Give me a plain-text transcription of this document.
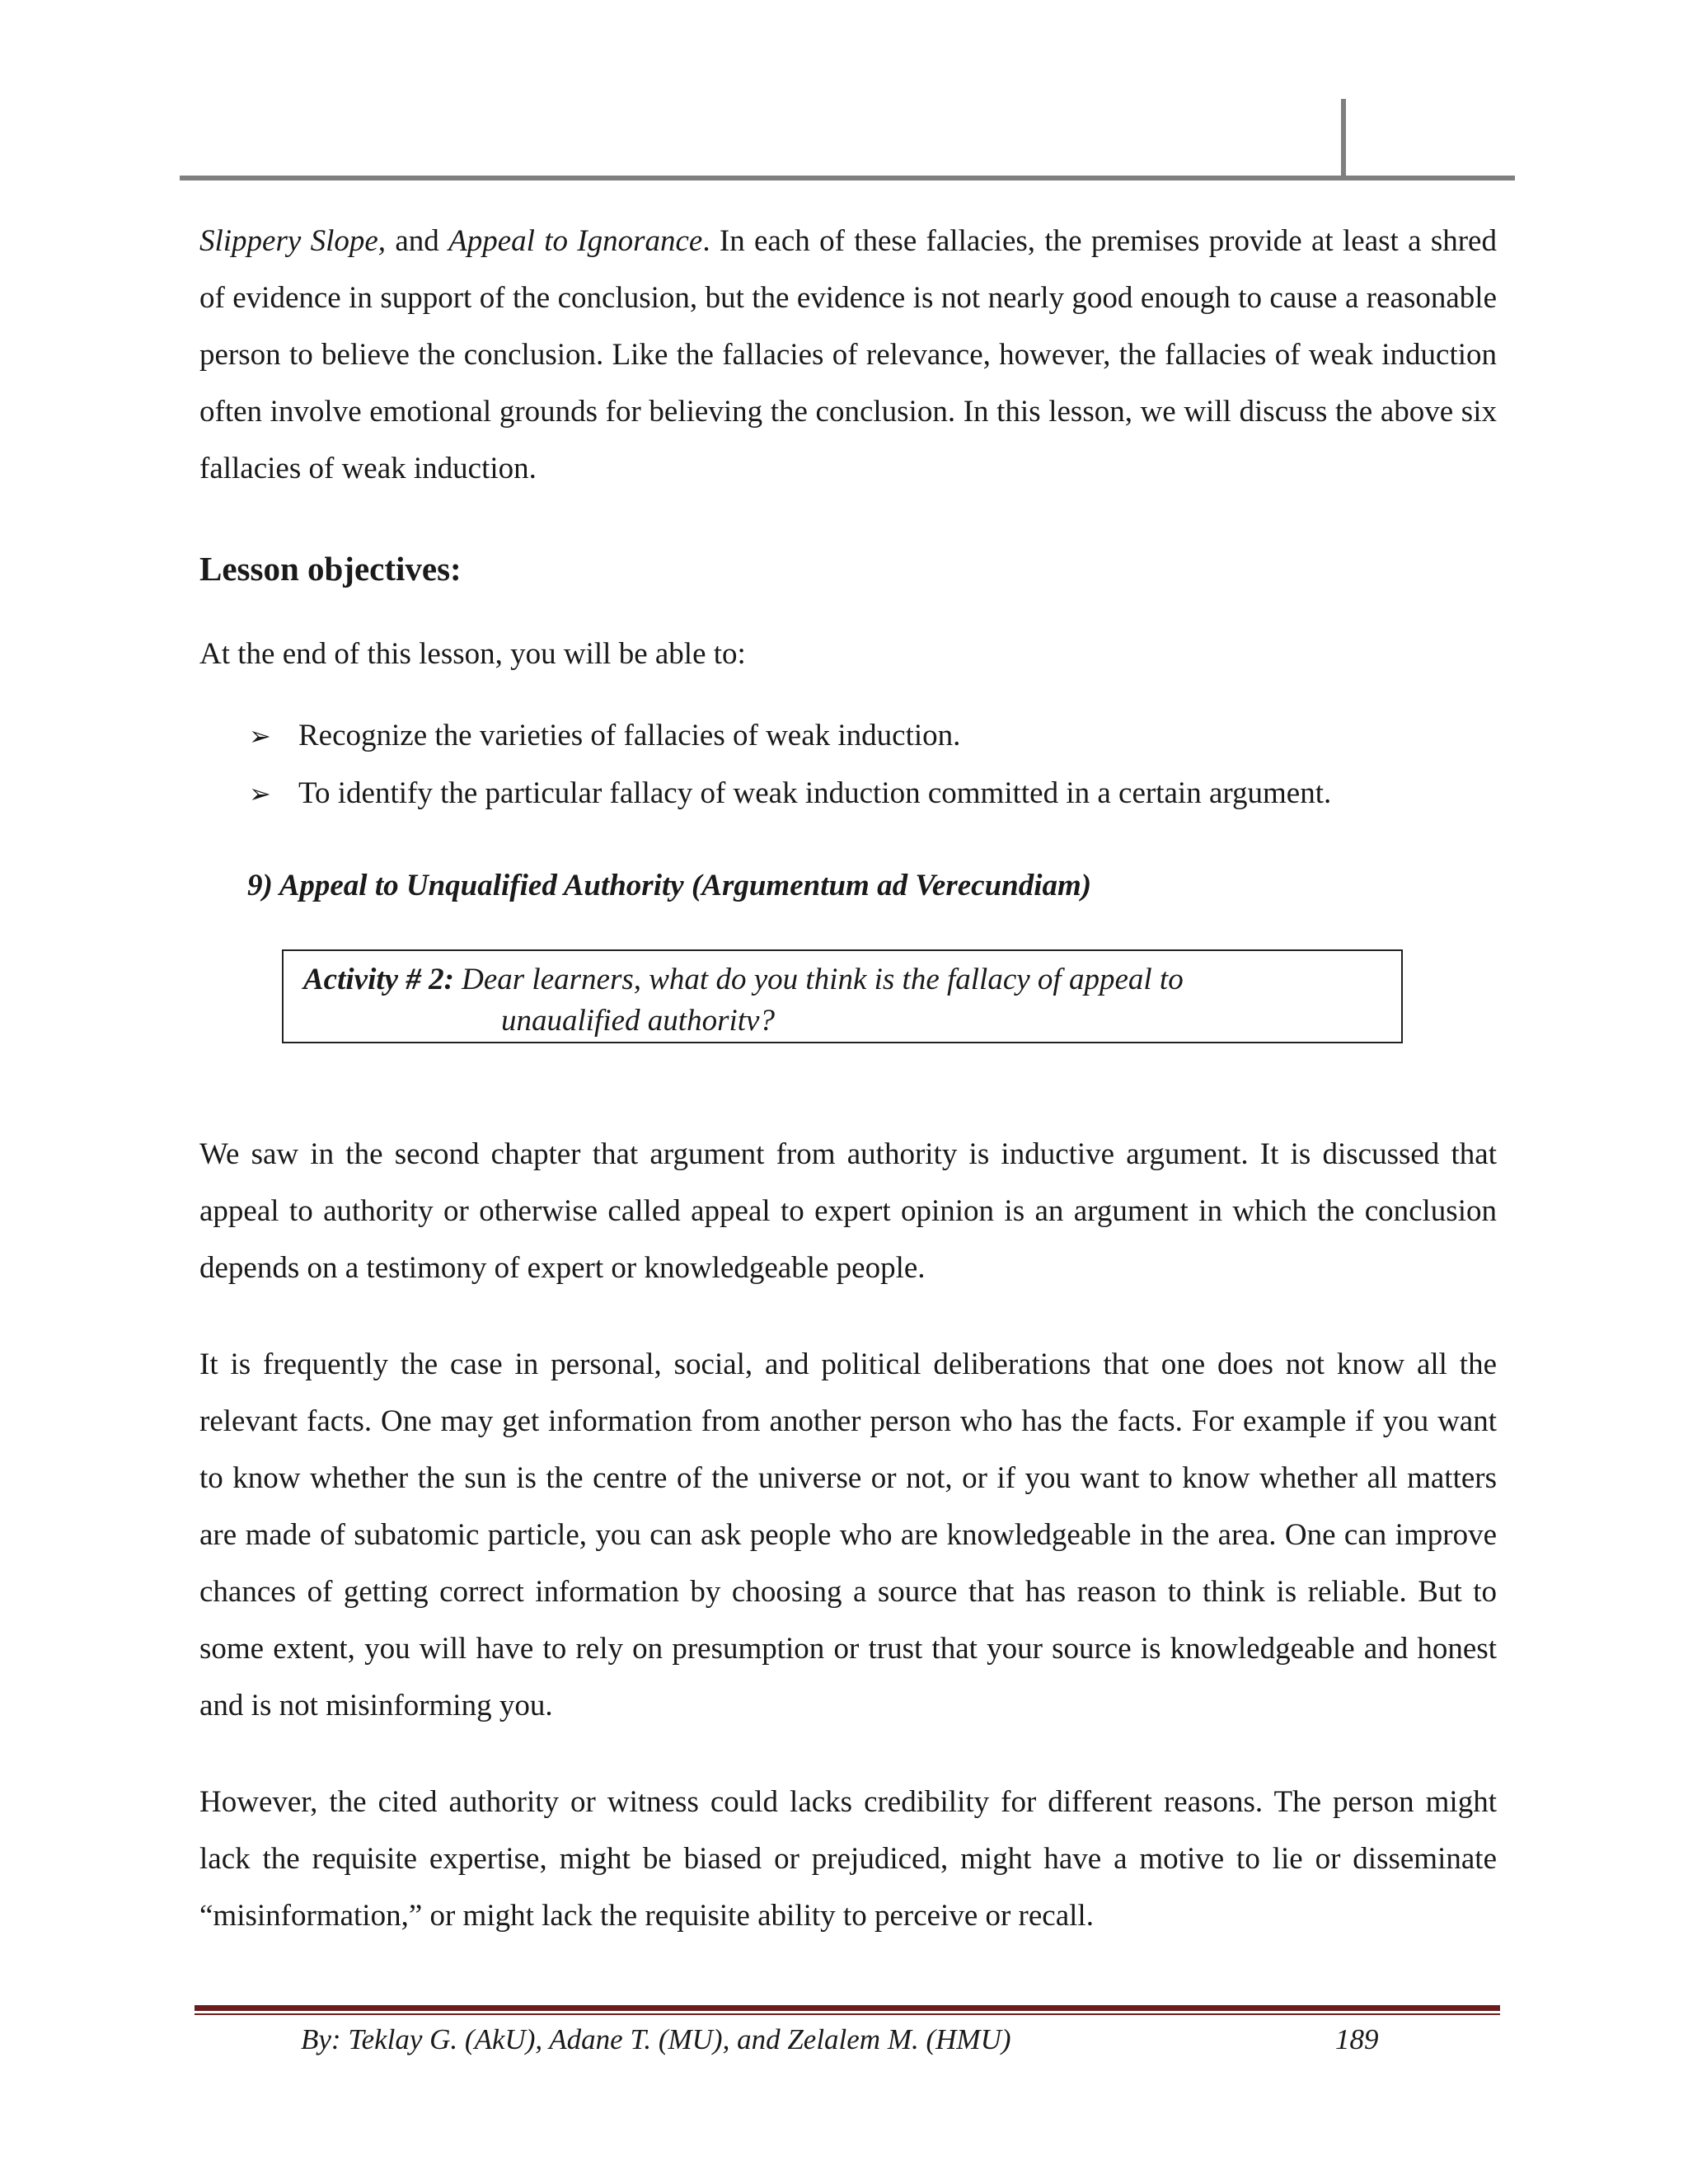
Slippery Slope, and Appeal to Ignorance. In each of these fallacies, the premises provide at least a shred of evidence in support of the conclusion, but the evidence is not nearly good enough to cause a reasonable person to believe the conclusion. Like the fallacies of relevance, however, the fallacies of weak induction often involve emotional grounds for believing the conclusion. In this lesson, we will discuss the above six fallacies of weak induction.

Lesson objectives:

At the end of this lesson, you will be able to:

➢ Recognize the varieties of fallacies of weak induction.
➢ To identify the particular fallacy of weak induction committed in a certain argument.

9) Appeal to Unqualified Authority (Argumentum ad Verecundiam)

Activity # 2: Dear learners, what do you think is the fallacy of appeal to
unaualified authoritv?

We saw in the second chapter that argument from authority is inductive argument. It is discussed that appeal to authority or otherwise called appeal to expert opinion is an argument in which the conclusion depends on a testimony of expert or knowledgeable people.

It is frequently the case in personal, social, and political deliberations that one does not know all the relevant facts. One may get information from another person who has the facts. For example if you want to know whether the sun is the centre of the universe or not, or if you want to know whether all matters are made of subatomic particle, you can ask people who are knowledgeable in the area. One can improve chances of getting correct information by choosing a source that has reason to think is reliable. But to some extent, you will have to rely on presumption or trust that your source is knowledgeable and honest and is not misinforming you.

However, the cited authority or witness could lacks credibility for different reasons. The person might lack the requisite expertise, might be biased or prejudiced, might have a motive to lie or disseminate “misinformation,” or might lack the requisite ability to perceive or recall.

By: Teklay G. (AkU), Adane T. (MU), and Zelalem M. (HMU)	189
